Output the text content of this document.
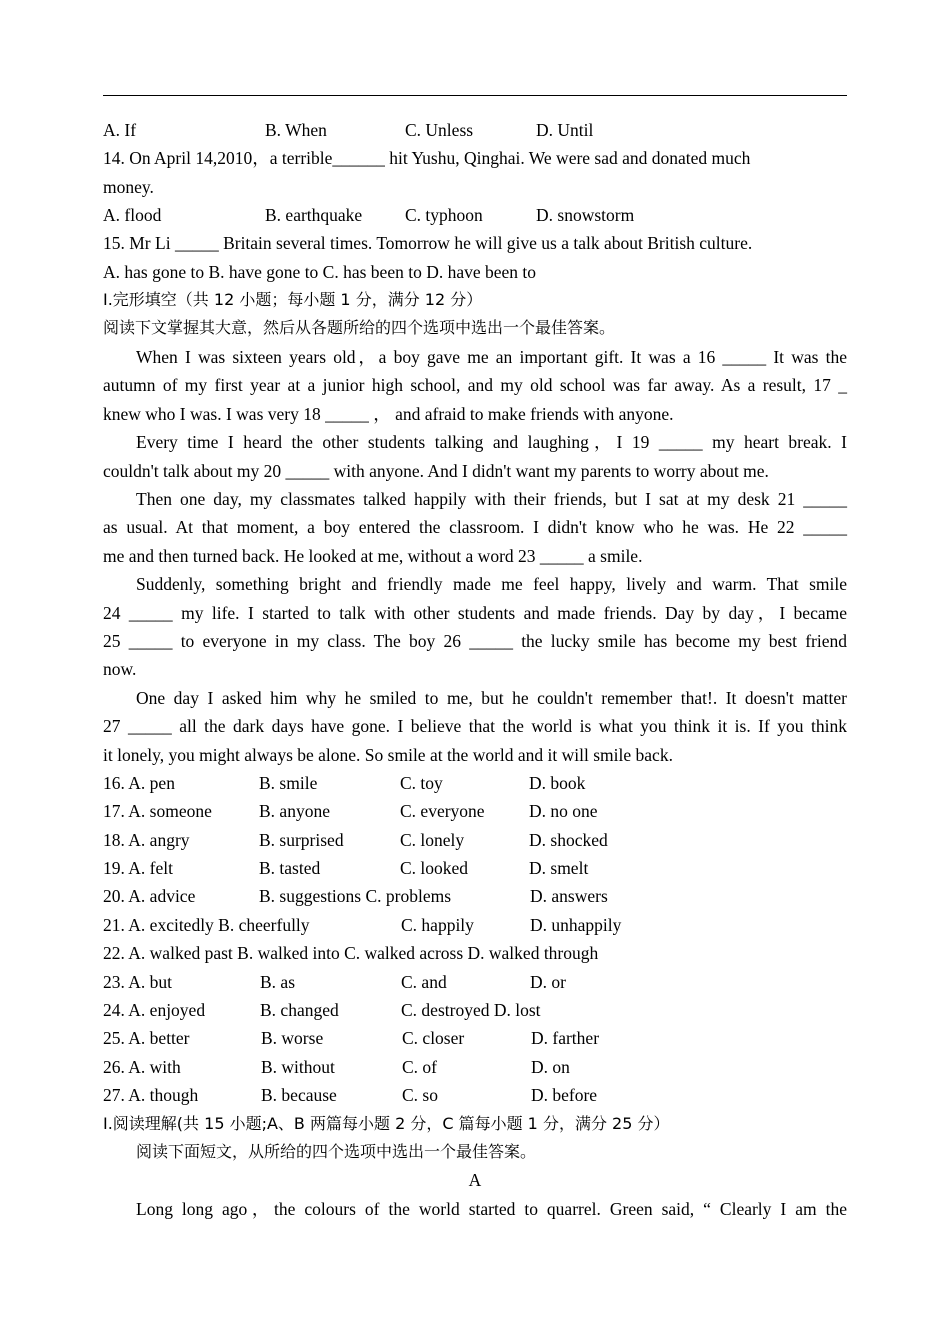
A. If	B. When	C. Unless	D. Until
14. On April 14,2010，a terrible______ hit Yushu, Qinghai. We were sad and donated much
money.
A. flood	B. earthquake C. typhoon	D. snowstorm
15. Mr Li _____ Britain several times. Tomorrow he will give us a talk about British culture.
A. has gone to B. have gone to C. has been to D. have been to
I.完形填空（共 12 小题；每小题 1 分，满分 12 分）
阅读下文掌握其大意，然后从各题所给的四个选项中选出一个最佳答案。
When I was sixteen years old，a boy gave me an important gift. It was a 16 _____ It was the
autumn of my first year at a junior high school, and my old school was far away. As a result, 17 _
knew who I was. I was very 18 _____ ， and afraid to make friends with anyone.
Every time I heard the other students talking and laughing，I 19 _____ my heart break. I
couldn't talk about my 20 _____ with anyone. And I didn't want my parents to worry about me.
Then one day, my classmates talked happily with their friends, but I sat at my desk 21 _____
as usual. At that moment, a boy entered the classroom. I didn't know who he was. He 22 _____
me and then turned back. He looked at me, without a word 23 _____ a smile.
Suddenly, something bright and friendly made me feel happy, lively and warm. That smile
24 _____ my life. I started to talk with other students and made friends. Day by day，I became
25 _____ to everyone in my class. The boy 26 _____ the lucky smile has become my best friend
now.
One day I asked him why he smiled to me, but he couldn't remember that!. It doesn't matter
27 _____ all the dark days have gone. I believe that the world is what you think it is. If you think
it lonely, you might always be alone. So smile at the world and it will smile back.
16. A. pen	B. smile	C. toy	D. book
17. A. someone	B. anyone	C. everyone	D. no one
18. A. angry	B. surprised	C. lonely	D. shocked
19. A. felt	B. tasted	C. looked	D. smelt
20. A. advice	B. suggestions C. problems	D. answers
21. A. excitedly B. cheerfully	C. happily	D. unhappily
22. A. walked past B. walked into C. walked across D. walked through
23. A. but	B. as	C. and	D. or
24. A. enjoyed	B. changed	C. destroyed D. lost
25. A. better	B. worse	C. closer	D. farther
26. A. with	B. without	C. of	D. on
27. A. though	B. because	C. so	D. before
I.阅读理解(共 15 小题;A、B 两篇每小题 2 分，C 篇每小题 1 分，满分 25 分）
阅读下面短文，从所给的四个选项中选出一个最佳答案。
A
Long long ago，the colours of the world started to quarrel. Green said, “ Clearly I am the
